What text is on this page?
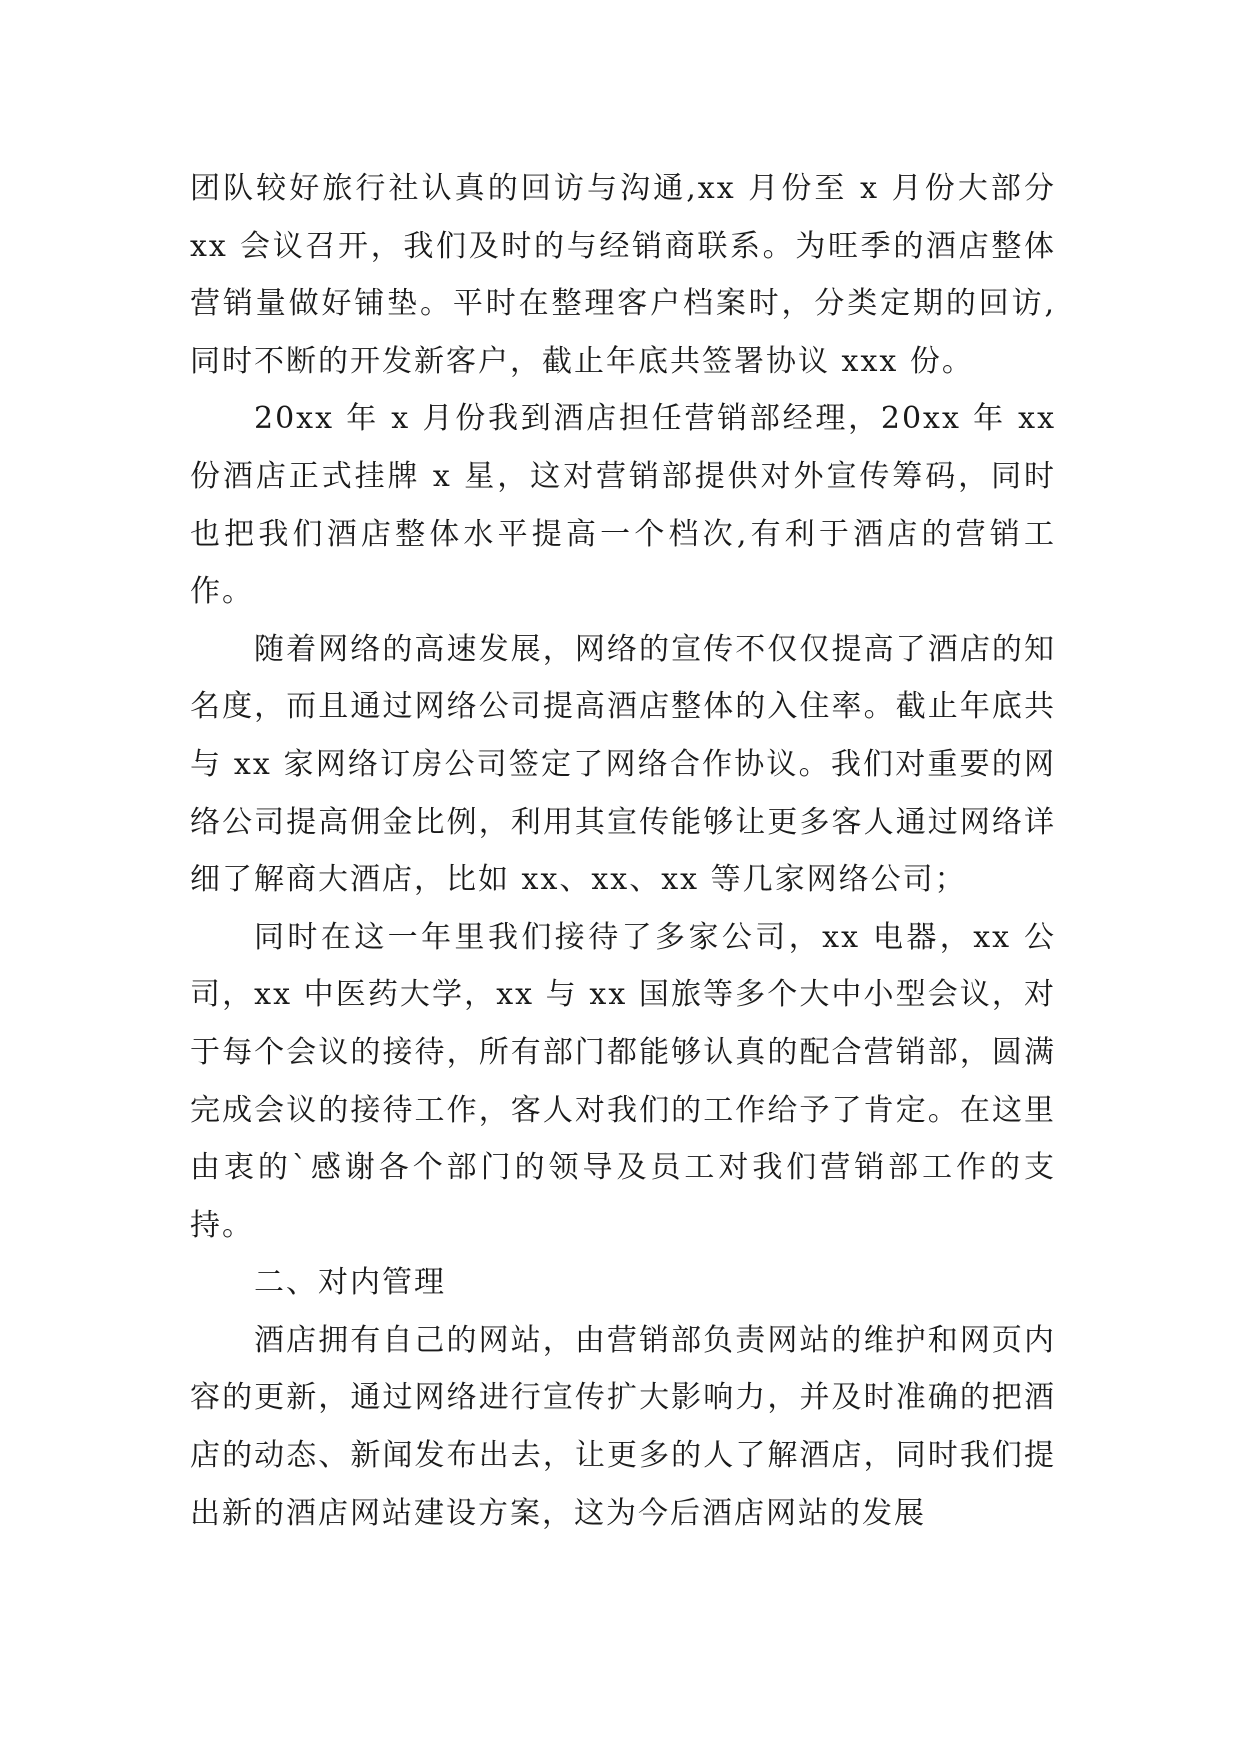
团队较好旅行社认真的回访与沟通,xx 月份至 x 月份大部分 xx 会议召开，我们及时的与经销商联系。为旺季的酒店整体营销量做好铺垫。平时在整理客户档案时，分类定期的回访,同时不断的开发新客户，截止年底共签署协议 xxx 份。

20xx 年 x 月份我到酒店担任营销部经理，20xx 年 xx 份酒店正式挂牌 x 星，这对营销部提供对外宣传筹码，同时也把我们酒店整体水平提高一个档次,有利于酒店的营销工作。

随着网络的高速发展，网络的宣传不仅仅提高了酒店的知名度，而且通过网络公司提高酒店整体的入住率。截止年底共与 xx 家网络订房公司签定了网络合作协议。我们对重要的网络公司提高佣金比例，利用其宣传能够让更多客人通过网络详细了解商大酒店，比如 xx、xx、xx 等几家网络公司；

同时在这一年里我们接待了多家公司，xx 电器，xx 公司，xx 中医药大学，xx 与 xx 国旅等多个大中小型会议，对于每个会议的接待，所有部门都能够认真的配合营销部，圆满完成会议的接待工作，客人对我们的工作给予了肯定。在这里由衷的`感谢各个部门的领导及员工对我们营销部工作的支持。

二、对内管理

酒店拥有自己的网站，由营销部负责网站的维护和网页内容的更新，通过网络进行宣传扩大影响力，并及时准确的把酒店的动态、新闻发布出去，让更多的人了解酒店，同时我们提出新的酒店网站建设方案，这为今后酒店网站的发展
